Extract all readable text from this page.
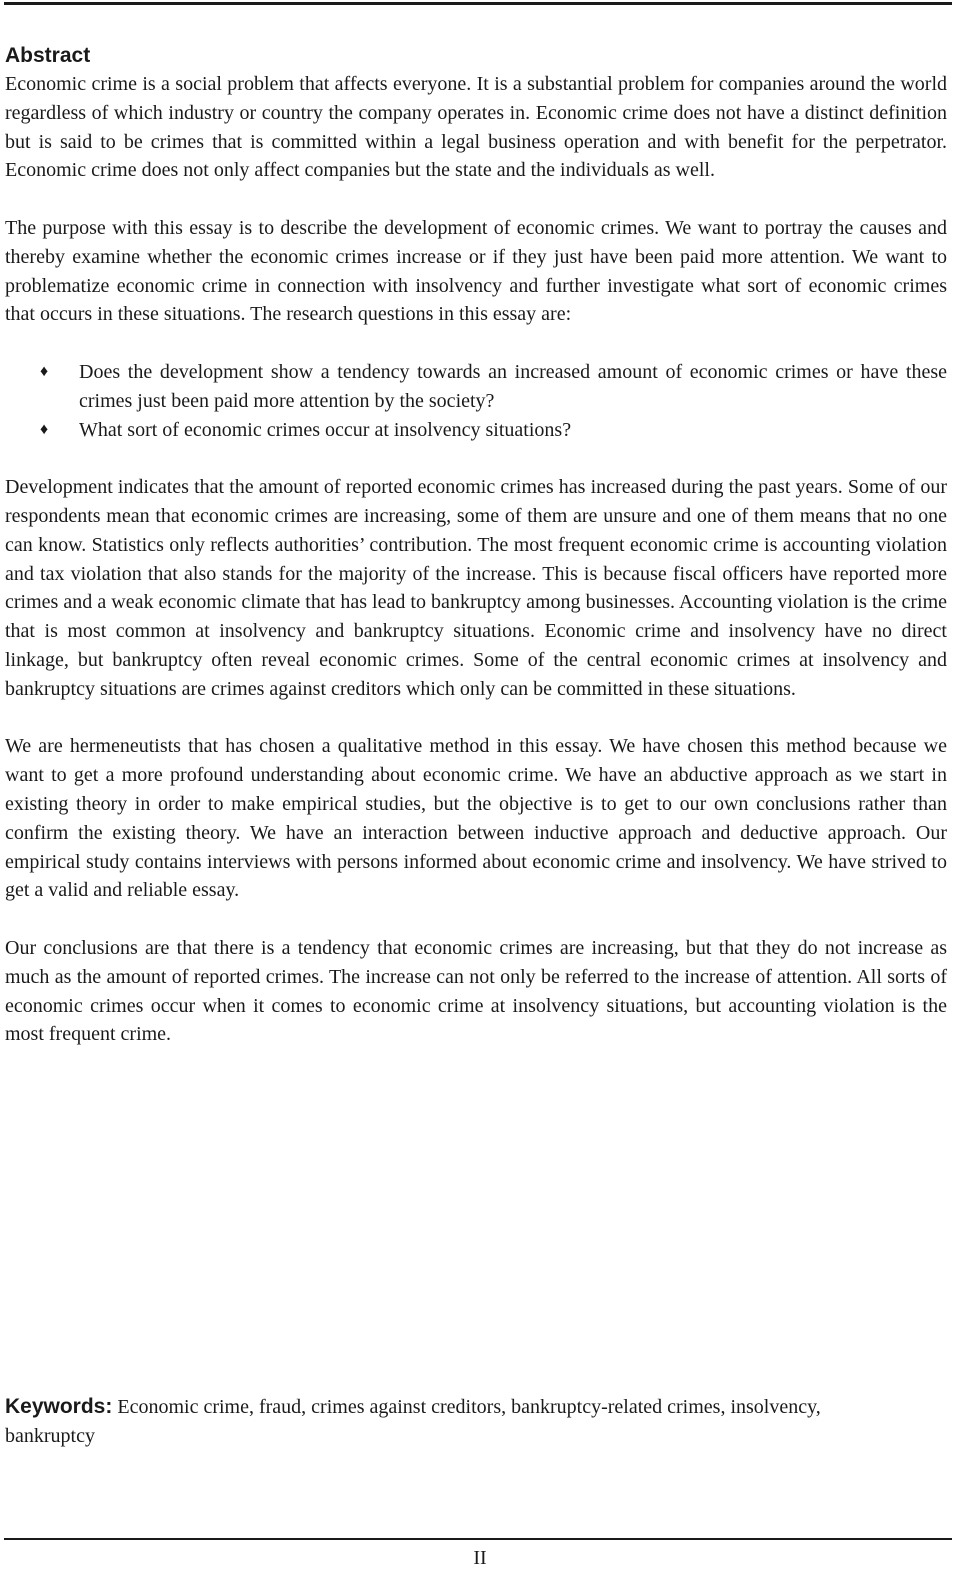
Abstract

Economic crime is a social problem that affects everyone. It is a substantial problem for companies around the world regardless of which industry or country the company operates in. Economic crime does not have a distinct definition but is said to be crimes that is committed within a legal business operation and with benefit for the perpetrator. Economic crime does not only affect companies but the state and the individuals as well.

The purpose with this essay is to describe the development of economic crimes. We want to portray the causes and thereby examine whether the economic crimes increase or if they just have been paid more attention. We want to problematize economic crime in connection with insolvency and further investigate what sort of economic crimes that occurs in these situations. The research questions in this essay are:

♦ Does the development show a tendency towards an increased amount of economic crimes or have these crimes just been paid more attention by the society?
♦ What sort of economic crimes occur at insolvency situations?

Development indicates that the amount of reported economic crimes has increased during the past years. Some of our respondents mean that economic crimes are increasing, some of them are unsure and one of them means that no one can know. Statistics only reflects authorities’ contribution. The most frequent economic crime is accounting violation and tax violation that also stands for the majority of the increase. This is because fiscal officers have reported more crimes and a weak economic climate that has lead to bankruptcy among businesses. Accounting violation is the crime that is most common at insolvency and bankruptcy situations. Economic crime and insolvency have no direct linkage, but bankruptcy often reveal economic crimes. Some of the central economic crimes at insolvency and bankruptcy situations are crimes against creditors which only can be committed in these situations.

We are hermeneutists that has chosen a qualitative method in this essay. We have chosen this method because we want to get a more profound understanding about economic crime. We have an abductive approach as we start in existing theory in order to make empirical studies, but the objective is to get to our own conclusions rather than confirm the existing theory. We have an interaction between inductive approach and deductive approach. Our empirical study contains interviews with persons informed about economic crime and insolvency. We have strived to get a valid and reliable essay.

Our conclusions are that there is a tendency that economic crimes are increasing, but that they do not increase as much as the amount of reported crimes. The increase can not only be referred to the increase of attention. All sorts of economic crimes occur when it comes to economic crime at insolvency situations, but accounting violation is the most frequent crime.

Keywords: Economic crime, fraud, crimes against creditors, bankruptcy-related crimes, insolvency, bankruptcy

II
